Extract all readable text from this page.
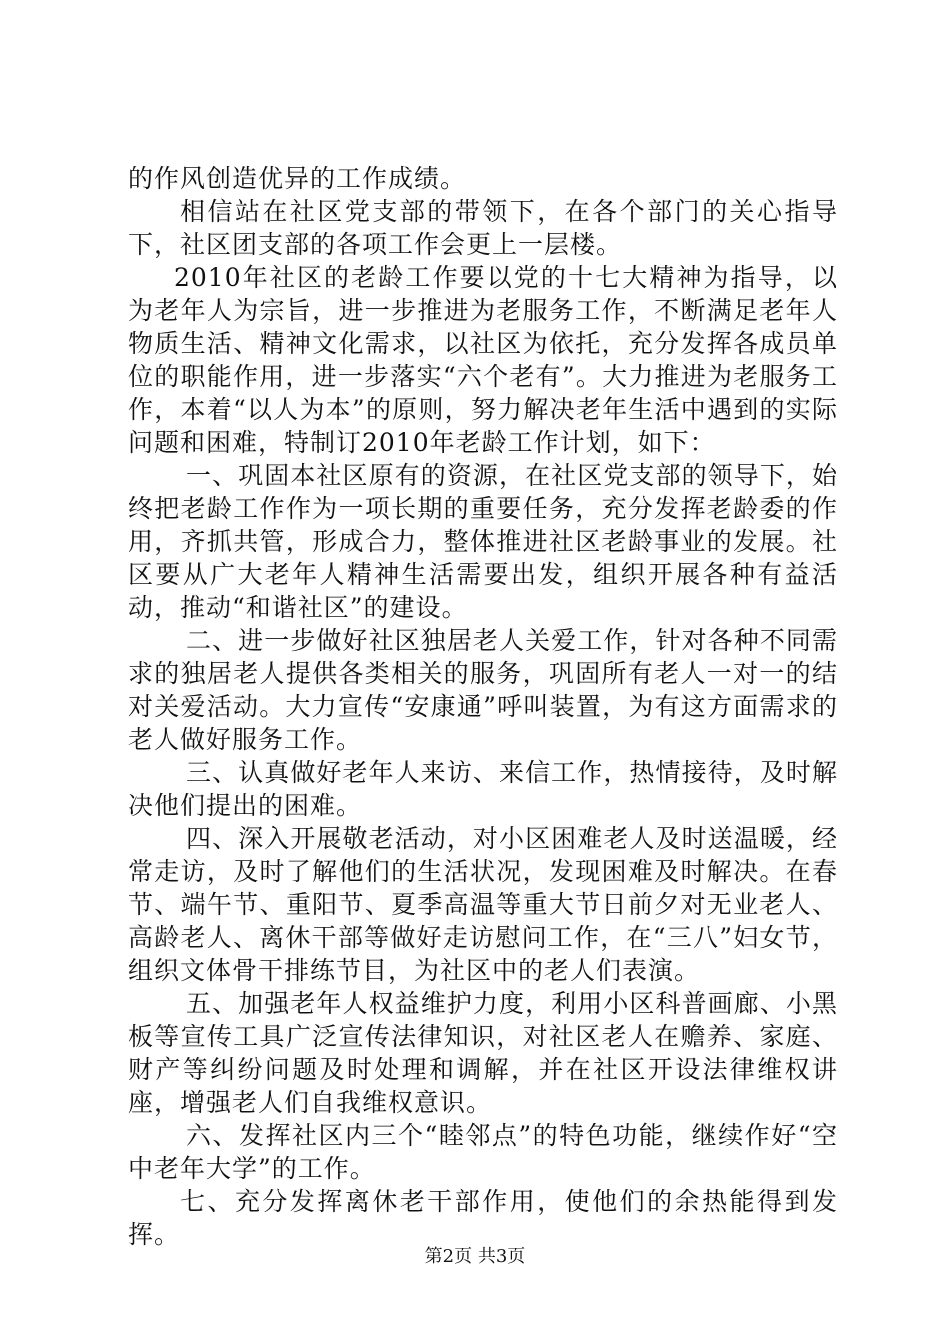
的作风创造优异的工作成绩。

相信站在社区党支部的带领下，在各个部门的关心指导下，社区团支部的各项工作会更上一层楼。

2010年社区的老龄工作要以党的十七大精神为指导，以为老年人为宗旨，进一步推进为老服务工作，不断满足老年人物质生活、精神文化需求，以社区为依托，充分发挥各成员单位的职能作用，进一步落实“六个老有”。大力推进为老服务工作，本着“以人为本”的原则，努力解决老年生活中遇到的实际问题和困难，特制订2010年老龄工作计划，如下：

一、巩固本社区原有的资源，在社区党支部的领导下，始终把老龄工作作为一项长期的重要任务，充分发挥老龄委的作用，齐抓共管，形成合力，整体推进社区老龄事业的发展。社区要从广大老年人精神生活需要出发，组织开展各种有益活动，推动“和谐社区”的建设。

二、进一步做好社区独居老人关爱工作，针对各种不同需求的独居老人提供各类相关的服务，巩固所有老人一对一的结对关爱活动。大力宣传“安康通”呼叫装置，为有这方面需求的老人做好服务工作。

三、认真做好老年人来访、来信工作，热情接待，及时解决他们提出的困难。

四、深入开展敬老活动，对小区困难老人及时送温暖，经常走访，及时了解他们的生活状况，发现困难及时解决。在春节、端午节、重阳节、夏季高温等重大节日前夕对无业老人、高龄老人、离休干部等做好走访慰问工作，在“三八”妇女节，组织文体骨干排练节目，为社区中的老人们表演。

五、加强老年人权益维护力度，利用小区科普画廊、小黑板等宣传工具广泛宣传法律知识，对社区老人在赡养、家庭、财产等纠纷问题及时处理和调解，并在社区开设法律维权讲座，增强老人们自我维权意识。

六、发挥社区内三个“睦邻点”的特色功能，继续作好“空中老年大学”的工作。

七、充分发挥离休老干部作用，使他们的余热能得到发挥。

第2页 共3页
